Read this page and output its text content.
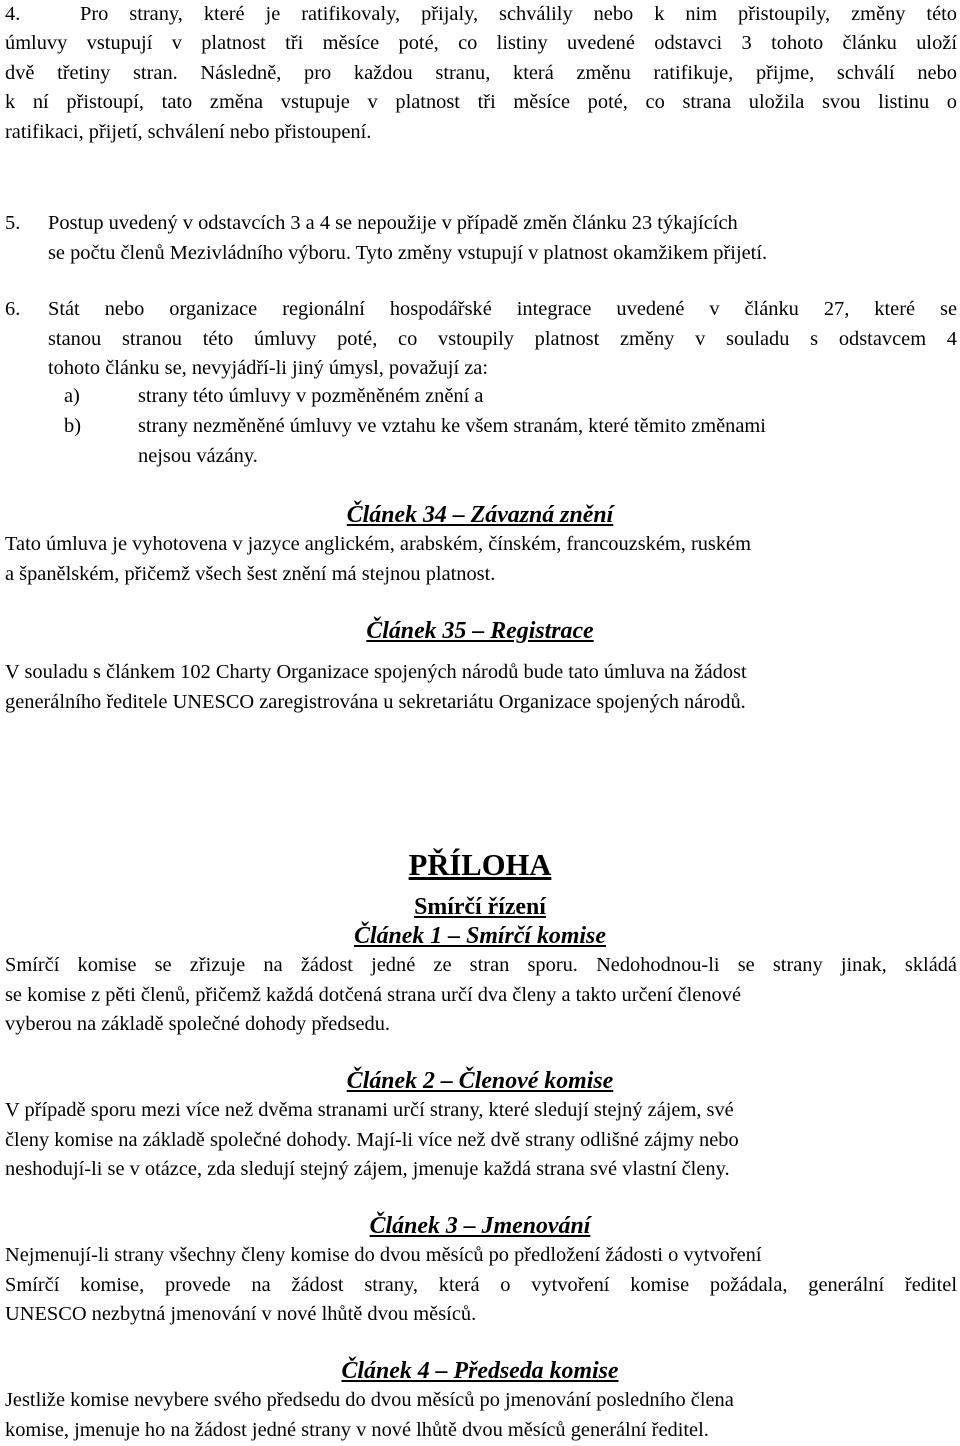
4.	Pro strany, které je ratifikovaly, přijaly, schválily nebo k nim přistoupily, změny této
úmluvy vstupují v platnost tři měsíce poté, co listiny uvedené odstavci 3 tohoto článku uloží
dvě třetiny stran. Následně, pro každou stranu, která změnu ratifikuje, přijme, schválí nebo
k ní přistoupí, tato změna vstupuje v platnost tři měsíce poté, co strana uložila svou listinu o
ratifikaci, přijetí, schválení nebo přistoupení.
5. Postup uvedený v odstavcích 3 a 4 se nepoužije v případě změn článku 23 týkajících
se počtu členů Mezivládního výboru. Tyto změny vstupují v platnost okamžikem přijetí.
6. Stát nebo organizace regionální hospodářské integrace uvedené v článku 27, které se
stanou stranou této úmluvy poté, co vstoupily platnost změny v souladu s odstavcem 4
tohoto článku se, nevyjádří-li jiný úmysl, považují za:
a)	strany této úmluvy v pozměněném znění a
b)	strany nezměněné úmluvy ve vztahu ke všem stranám, které těmito změnami
nejsou vázány.
Článek 34 – Závazná znění
Tato úmluva je vyhotovena v jazyce anglickém, arabském, čínském, francouzském, ruském
a španělském, přičemž všech šest znění má stejnou platnost.
Článek 35 – Registrace
V souladu s článkem 102 Charty Organizace spojených národů bude tato úmluva na žádost
generálního ředitele UNESCO zaregistrována u sekretariátu Organizace spojených národů.
PŘÍLOHA
Smírčí řízení
Článek 1 – Smírčí komise
Smírčí komise se zřizuje na žádost jedné ze stran sporu. Nedohodnou-li se strany jinak, skládá
se komise z pěti členů, přičemž každá dotčená strana určí dva členy a takto určení členové
vyberou na základě společné dohody předsedu.
Článek 2 – Členové komise
V případě sporu mezi více než dvěma stranami určí strany, které sledují stejný zájem, své
členy komise na základě společné dohody. Mají-li více než dvě strany odlišné zájmy nebo
neshodují-li se v otázce, zda sledují stejný zájem, jmenuje každá strana své vlastní členy.
Článek 3 – Jmenování
Nejmenují-li strany všechny členy komise do dvou měsíců po předložení žádosti o vytvoření
Smírčí komise, provede na žádost strany, která o vytvoření komise požádala, generální ředitel
UNESCO nezbytná jmenování v nové lhůtě dvou měsíců.
Článek 4 – Předseda komise
Jestliže komise nevybere svého předsedu do dvou měsíců po jmenování posledního člena
komise, jmenuje ho na žádost jedné strany v nové lhůtě dvou měsíců generální ředitel.
